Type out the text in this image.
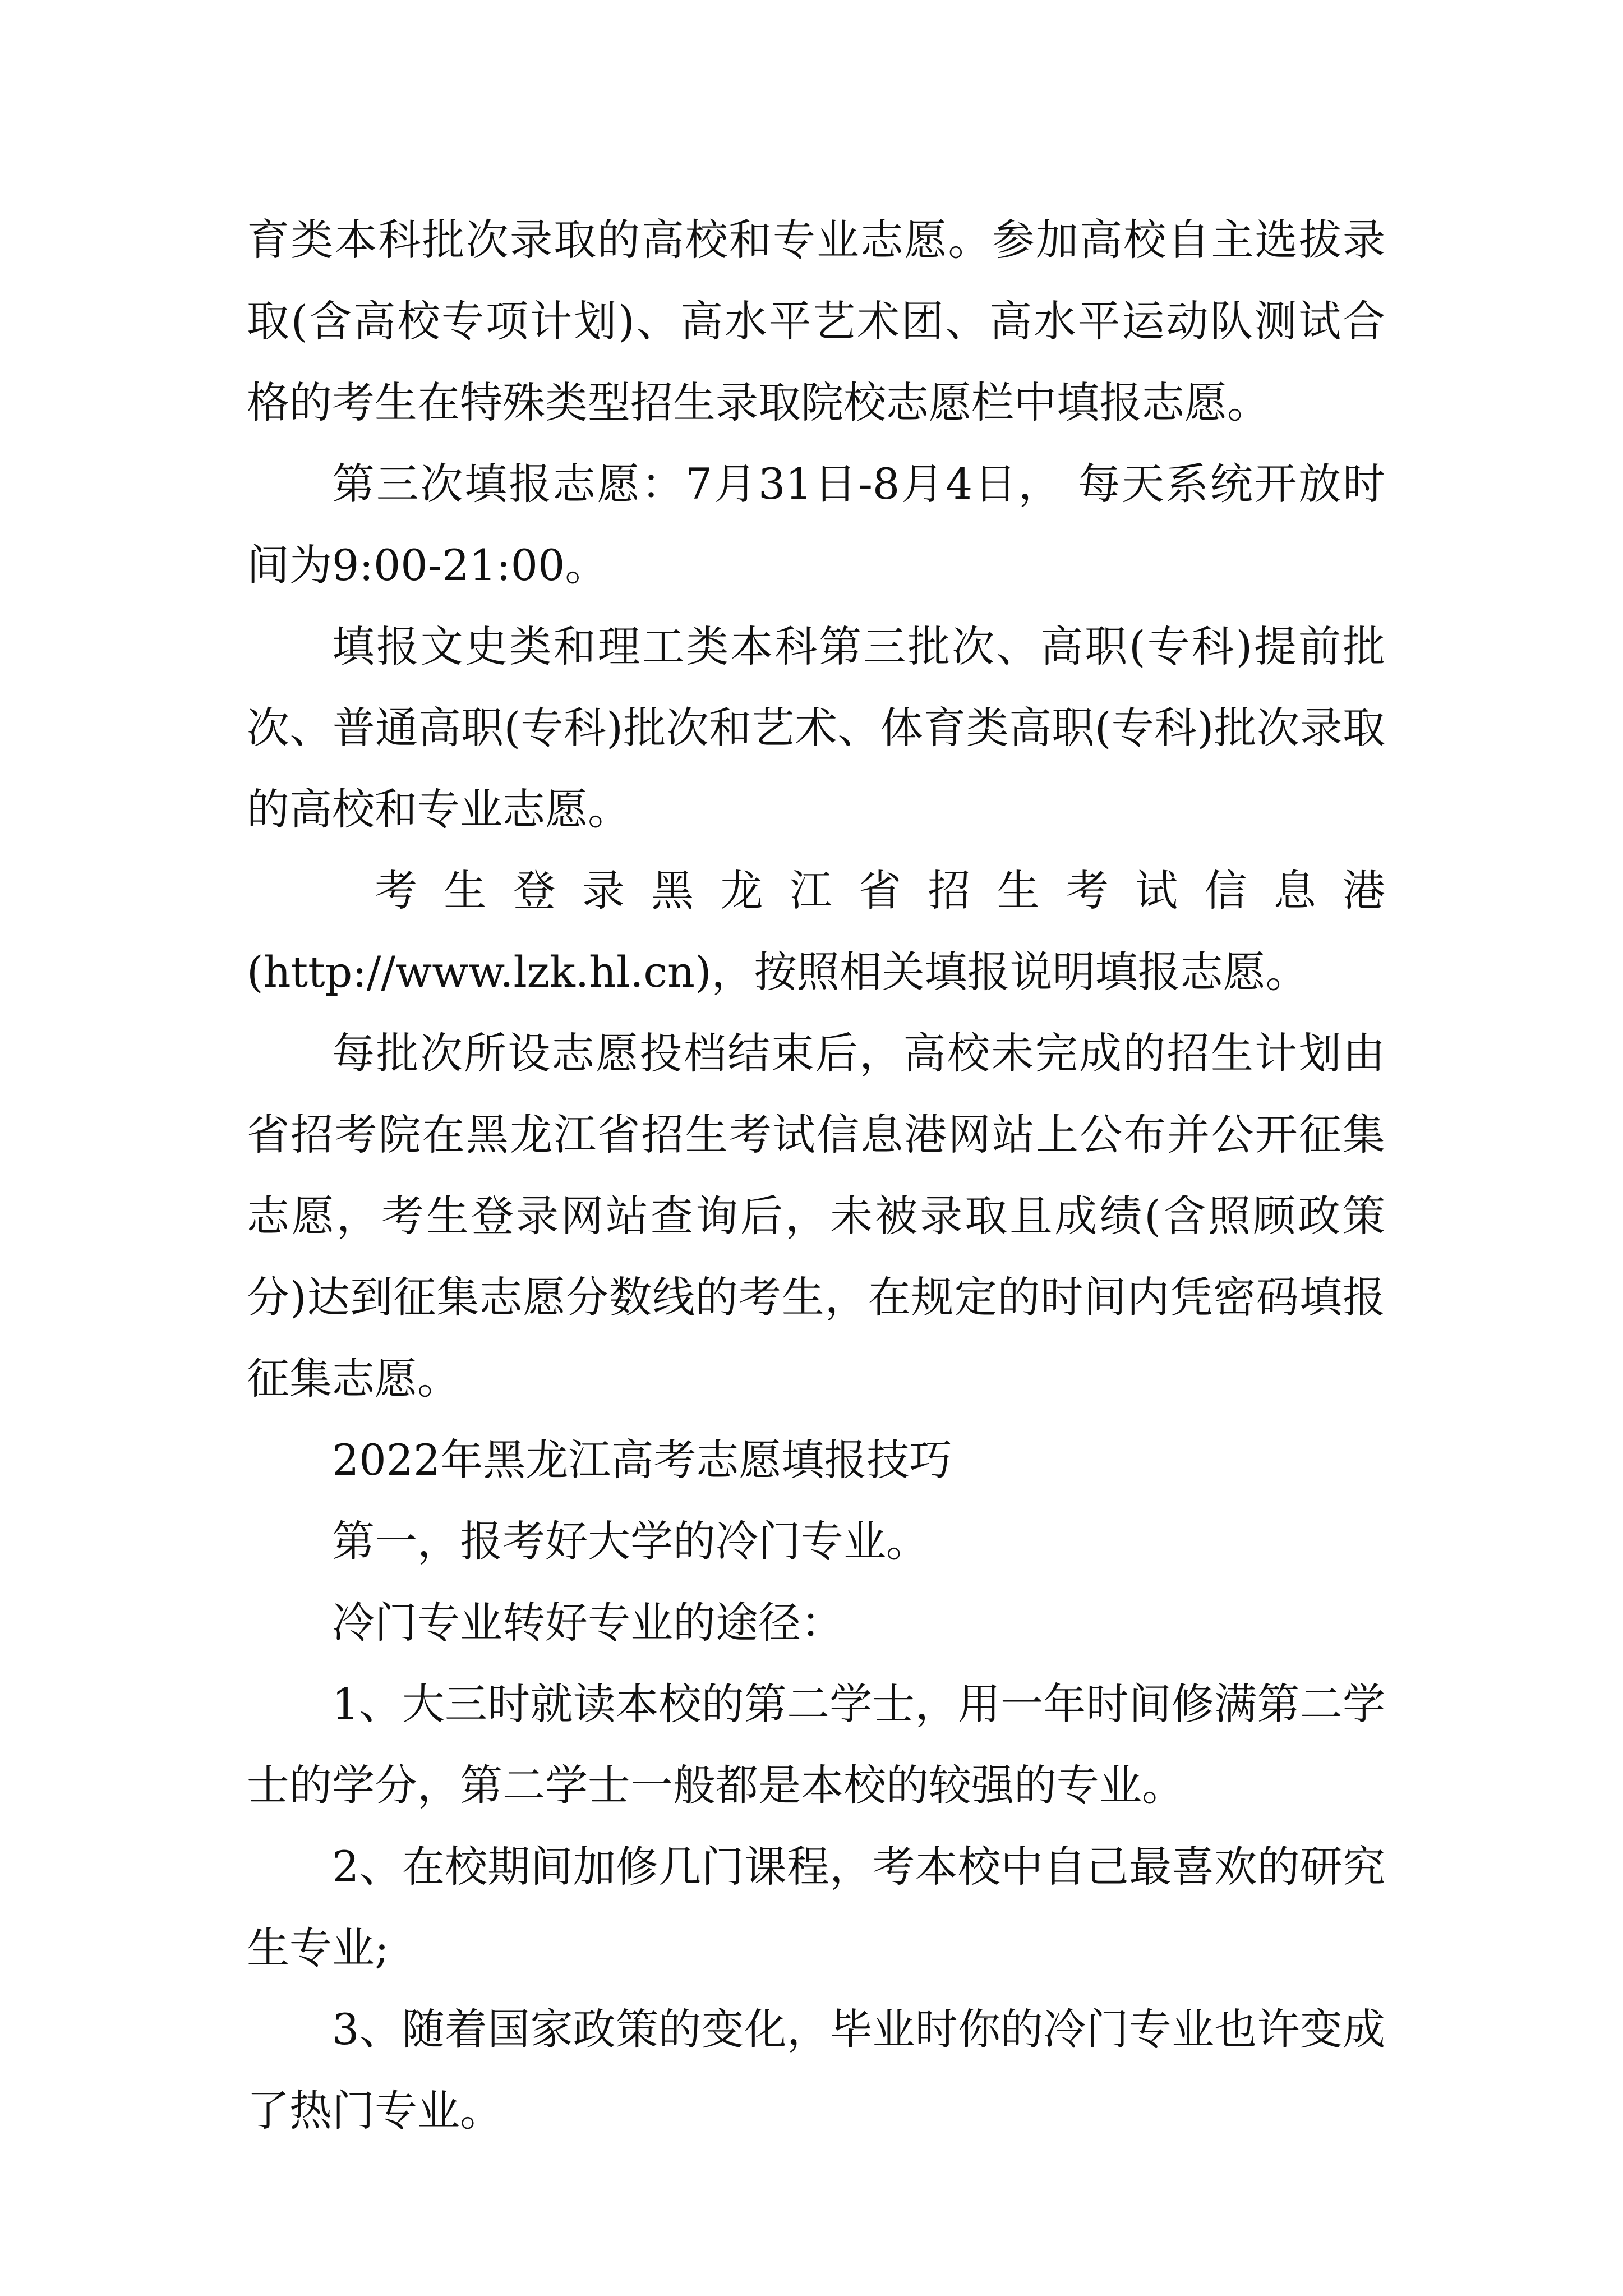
育类本科批次录取的高校和专业志愿。参加高校自主选拔录取(含高校专项计划)、高水平艺术团、高水平运动队测试合格的考生在特殊类型招生录取院校志愿栏中填报志愿。

第三次填报志愿：7月31日-8月4日， 每天系统开放时间为9:00-21:00。

填报文史类和理工类本科第三批次、高职(专科)提前批次、普通高职(专科)批次和艺术、体育类高职(专科)批次录取的高校和专业志愿。

考生登录黑龙江省招生考试信息港

(http://www.lzk.hl.cn)，按照相关填报说明填报志愿。

每批次所设志愿投档结束后，高校未完成的招生计划由省招考院在黑龙江省招生考试信息港网站上公布并公开征集志愿，考生登录网站查询后，未被录取且成绩(含照顾政策分)达到征集志愿分数线的考生，在规定的时间内凭密码填报征集志愿。

2022年黑龙江高考志愿填报技巧

第一，报考好大学的冷门专业。

冷门专业转好专业的途径：

1、大三时就读本校的第二学士，用一年时间修满第二学士的学分，第二学士一般都是本校的较强的专业。

2、在校期间加修几门课程，考本校中自己最喜欢的研究生专业;

3、随着国家政策的变化，毕业时你的冷门专业也许变成了热门专业。
